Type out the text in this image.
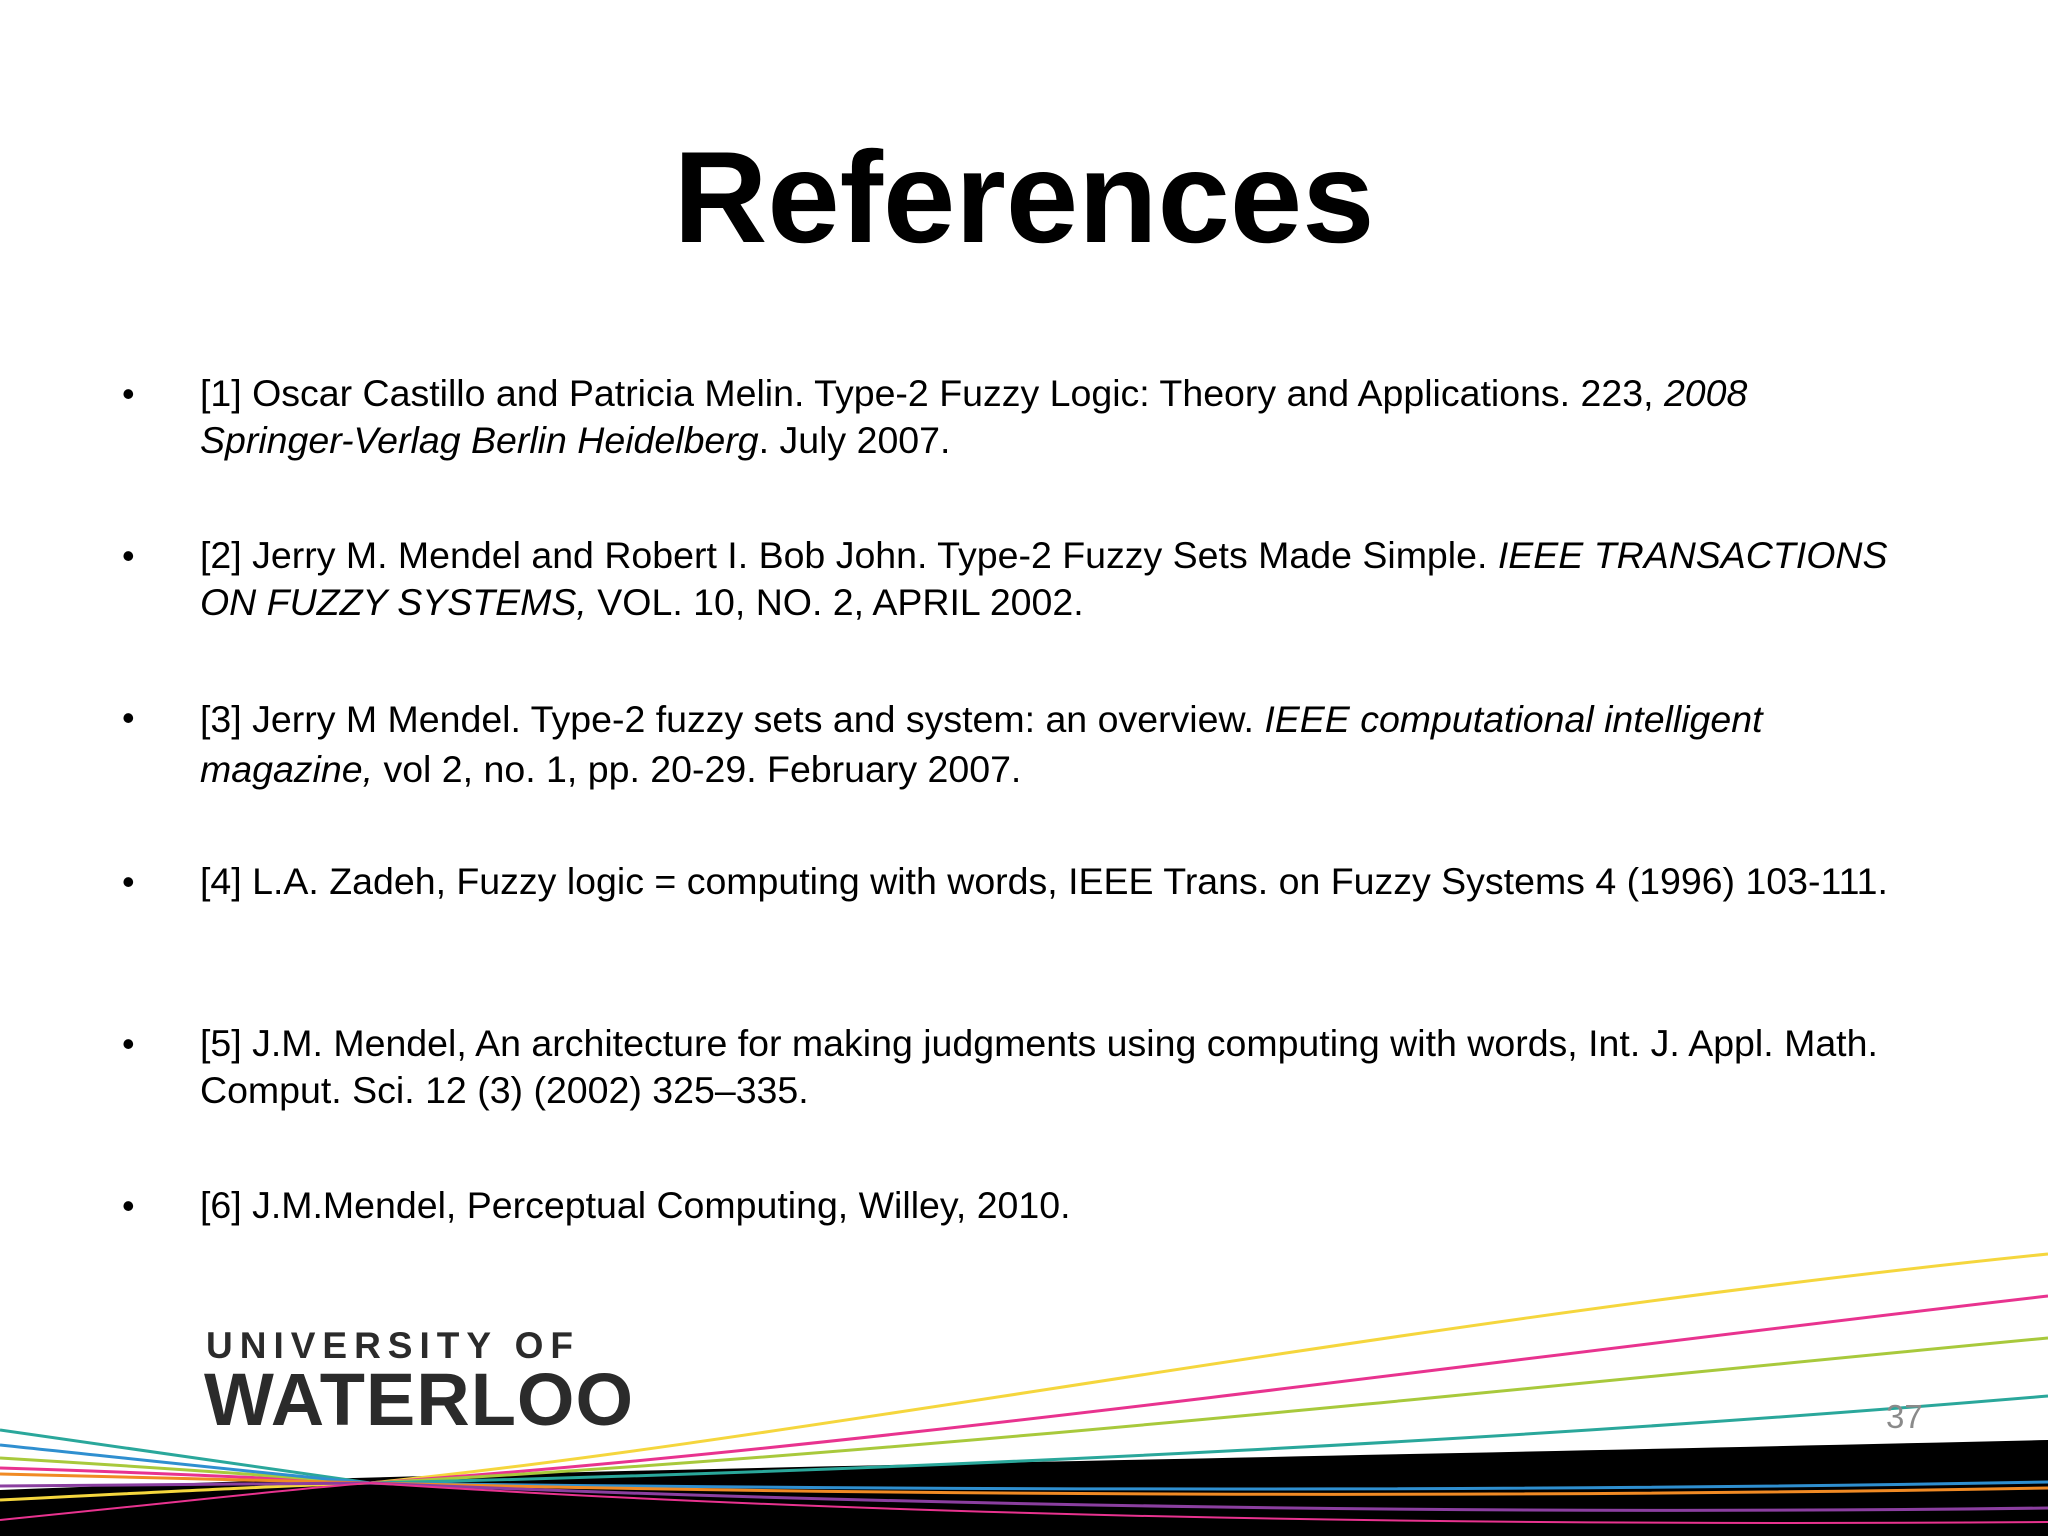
References
• [1] Oscar Castillo and Patricia Melin. Type-2 Fuzzy Logic: Theory and Applications. 223, 2008 Springer-Verlag Berlin Heidelberg. July 2007.
• [2] Jerry M. Mendel and Robert I. Bob John. Type-2 Fuzzy Sets Made Simple. IEEE TRANSACTIONS ON FUZZY SYSTEMS, VOL. 10, NO. 2, APRIL 2002.
• [3] Jerry M Mendel. Type-2 fuzzy sets and system: an overview. IEEE computational intelligent magazine, vol 2, no. 1, pp. 20-29. February 2007.
• [4] L.A. Zadeh, Fuzzy logic = computing with words, IEEE Trans. on Fuzzy Systems 4 (1996) 103-111.
• [5] J.M. Mendel, An architecture for making judgments using computing with words, Int. J. Appl. Math. Comput. Sci. 12 (3) (2002) 325–335.
• [6] J.M.Mendel, Perceptual Computing, Willey, 2010.
UNIVERSITY OF
WATERLOO	37
